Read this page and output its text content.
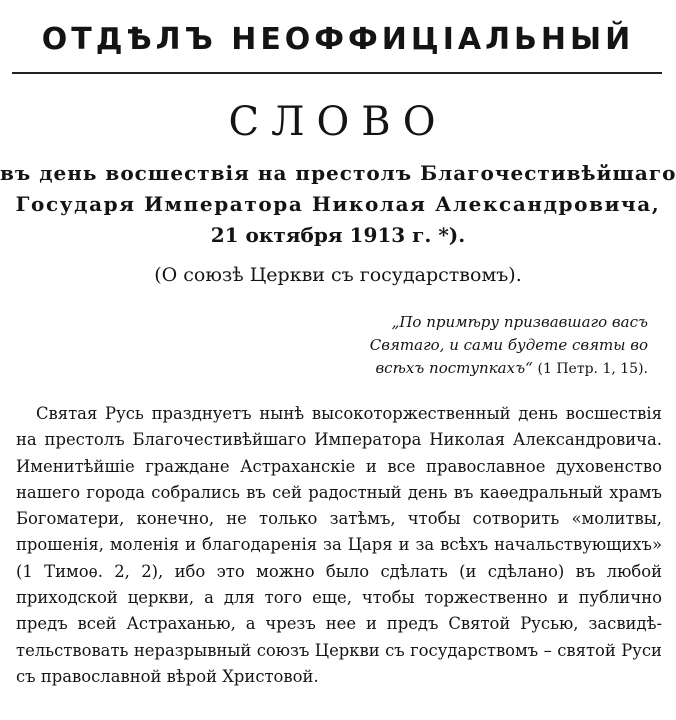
ОТДѢЛЪ НЕОФФИЦІАЛЬНЫЙ
СЛОВО
въ день восшествія на престолъ Благочестивѣйшаго
Государя Императора Николая Александровича,
21 октября 1913 г. *).
(О союзѣ Церкви съ государствомъ).
„По примѣру призвавшаго васъ
Святаго, и сами будете святы во
всѣхъ поступкахъ“ (1 Петр. 1, 15).
Святая Русь празднуетъ нынѣ высокоторжественный день восшествія
на престолъ Благочестивѣйшаго Императора Николая Александровича.
Именитѣйшіе граждане Астраханскіе и все православное духовенство
нашего города собрались въ сей радостный день въ каѳедральный храмъ
Богоматери, конечно, не только затѣмъ, чтобы сотворить «молитвы,
прошенія, моленія и благодаренія за Царя и за всѣхъ начальствующихъ»
(1 Тимоѳ. 2, 2), ибо это можно было сдѣлать (и сдѣлано) въ любой
приходской церкви, а для того еще, чтобы торжественно и публично
предъ всей Астраханью, а чрезъ нее и предъ Святой Русью, засвидѣ-
тельствовать неразрывный союзъ Церкви съ государствомъ – святой Руси
съ православной вѣрой Христовой.
